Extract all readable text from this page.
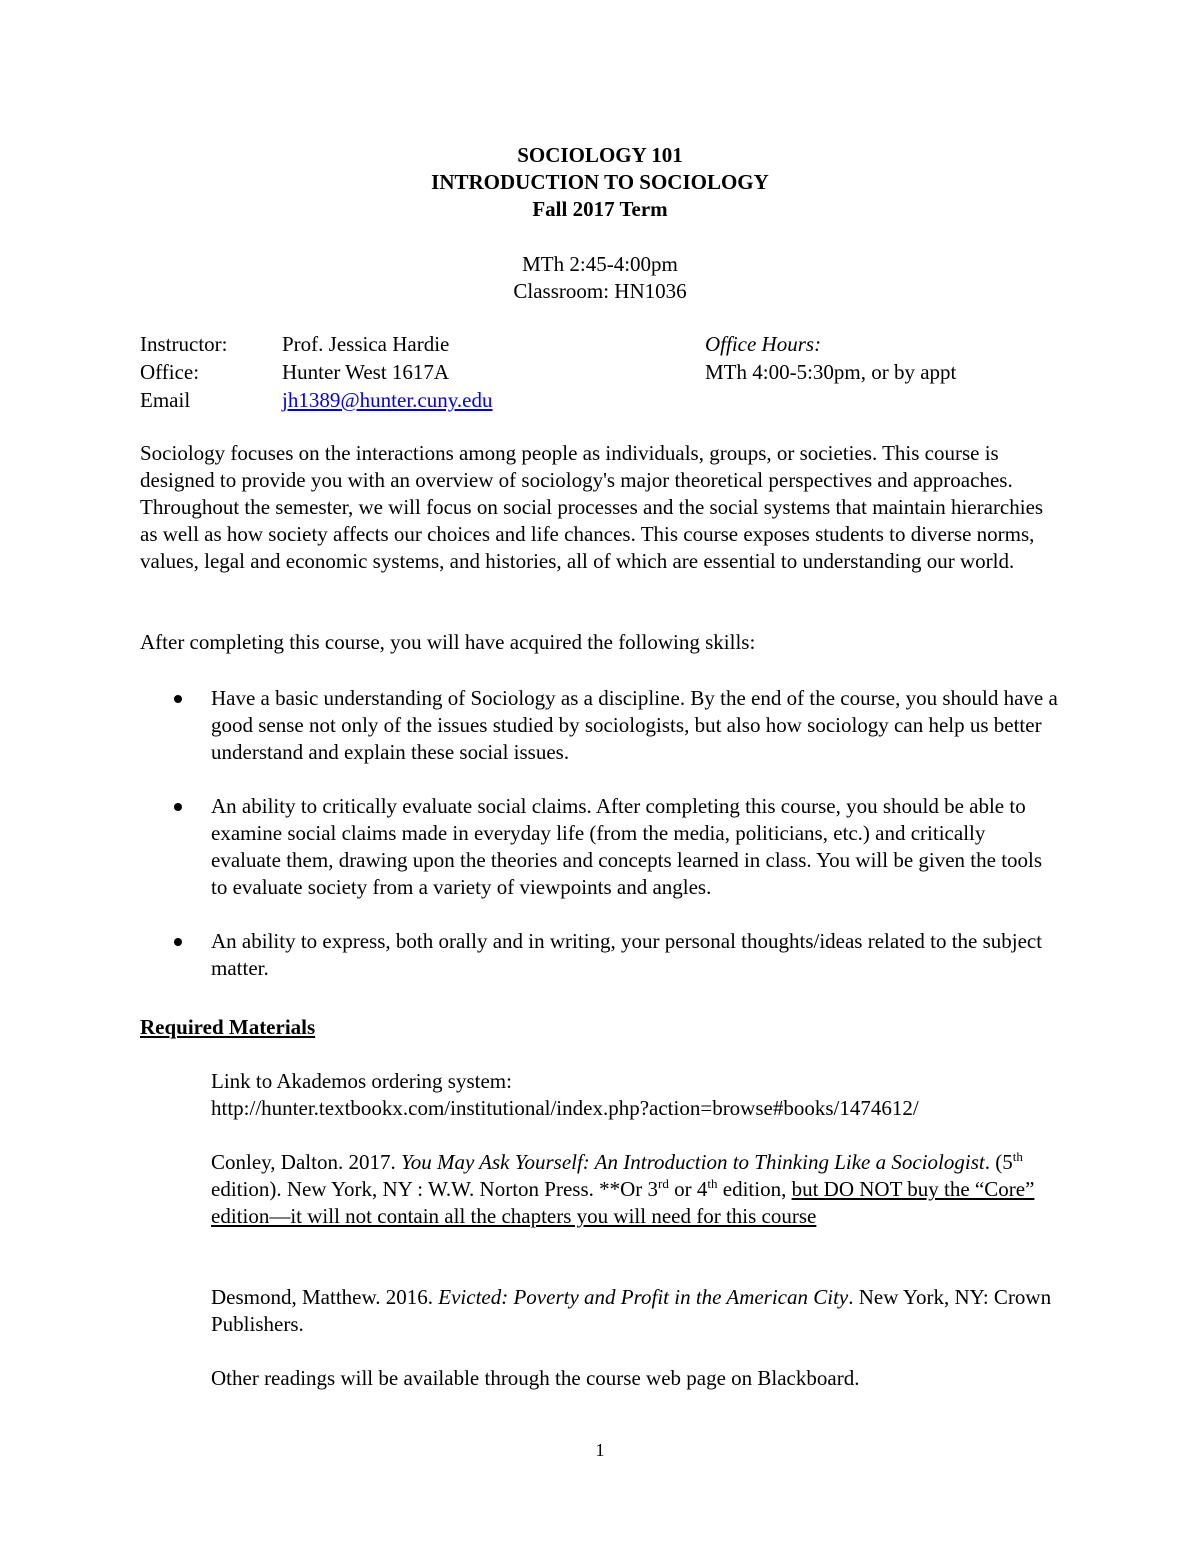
SOCIOLOGY 101
INTRODUCTION TO SOCIOLOGY
Fall 2017 Term
MTh 2:45-4:00pm
Classroom: HN1036
Instructor:	Prof. Jessica Hardie	Office Hours:
Office:	Hunter West 1617A	MTh 4:00-5:30pm, or by appt
Email	jh1389@hunter.cuny.edu
Sociology focuses on the interactions among people as individuals, groups, or societies. This course is designed to provide you with an overview of sociology's major theoretical perspectives and approaches. Throughout the semester, we will focus on social processes and the social systems that maintain hierarchies as well as how society affects our choices and life chances. This course exposes students to diverse norms, values, legal and economic systems, and histories, all of which are essential to understanding our world.
After completing this course, you will have acquired the following skills:
Have a basic understanding of Sociology as a discipline. By the end of the course, you should have a good sense not only of the issues studied by sociologists, but also how sociology can help us better understand and explain these social issues.
An ability to critically evaluate social claims. After completing this course, you should be able to examine social claims made in everyday life (from the media, politicians, etc.) and critically evaluate them, drawing upon the theories and concepts learned in class. You will be given the tools to evaluate society from a variety of viewpoints and angles.
An ability to express, both orally and in writing, your personal thoughts/ideas related to the subject matter.
Required Materials
Link to Akademos ordering system:
http://hunter.textbookx.com/institutional/index.php?action=browse#books/1474612/
Conley, Dalton. 2017. You May Ask Yourself: An Introduction to Thinking Like a Sociologist. (5th edition). New York, NY : W.W. Norton Press. **Or 3rd or 4th edition, but DO NOT buy the “Core” edition—it will not contain all the chapters you will need for this course
Desmond, Matthew. 2016. Evicted: Poverty and Profit in the American City. New York, NY: Crown Publishers.
Other readings will be available through the course web page on Blackboard.
1
